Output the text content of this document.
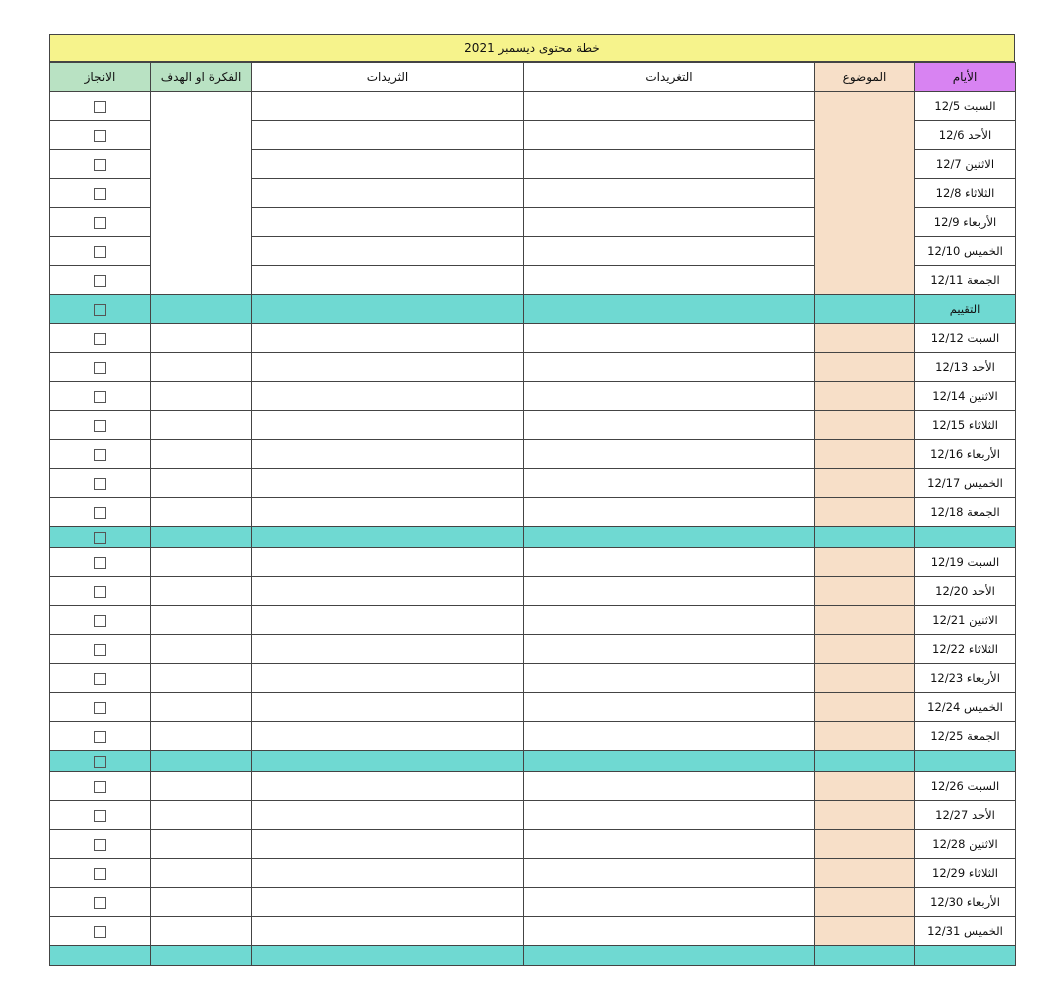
خطة محتوى ديسمبر 2021
الانجاز	الفكرة او الهدف	الثريدات	التغريدات	الموضوع	الأيام
					السبت 12/5
					الأحد 12/6
					الاثنين 12/7
					الثلاثاء 12/8
					الأربعاء 12/9
					الخميس 12/10
					الجمعة 12/11
					التقييم
					السبت 12/12
					الأحد 12/13
					الاثنين 12/14
					الثلاثاء 12/15
					الأربعاء 12/16
					الخميس 12/17
					الجمعة 12/18

					السبت 12/19
					الأحد 12/20
					الاثنين 12/21
					الثلاثاء 12/22
					الأربعاء 12/23
					الخميس 12/24
					الجمعة 12/25

					السبت 12/26
					الأحد 12/27
					الاثنين 12/28
					الثلاثاء 12/29
					الأربعاء 12/30
					الخميس 12/31
